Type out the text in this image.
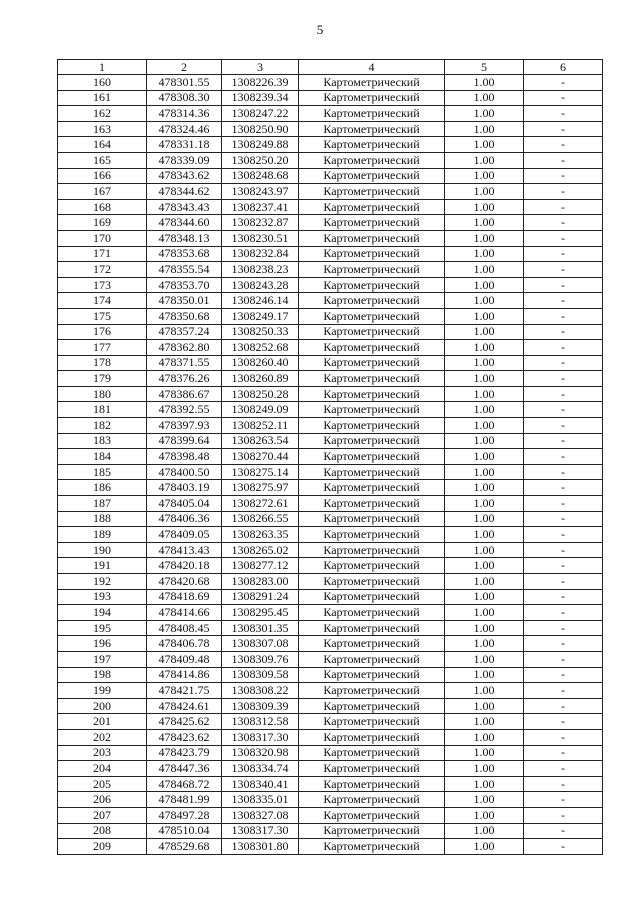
5
1	2	3	4	5	6
160	478301.55	1308226.39	Картометрический	1.00	-
161	478308.30	1308239.34	Картометрический	1.00	-
162	478314.36	1308247.22	Картометрический	1.00	-
163	478324.46	1308250.90	Картометрический	1.00	-
164	478331.18	1308249.88	Картометрический	1.00	-
165	478339.09	1308250.20	Картометрический	1.00	-
166	478343.62	1308248.68	Картометрический	1.00	-
167	478344.62	1308243.97	Картометрический	1.00	-
168	478343.43	1308237.41	Картометрический	1.00	-
169	478344.60	1308232.87	Картометрический	1.00	-
170	478348.13	1308230.51	Картометрический	1.00	-
171	478353.68	1308232.84	Картометрический	1.00	-
172	478355.54	1308238.23	Картометрический	1.00	-
173	478353.70	1308243.28	Картометрический	1.00	-
174	478350.01	1308246.14	Картометрический	1.00	-
175	478350.68	1308249.17	Картометрический	1.00	-
176	478357.24	1308250.33	Картометрический	1.00	-
177	478362.80	1308252.68	Картометрический	1.00	-
178	478371.55	1308260.40	Картометрический	1.00	-
179	478376.26	1308260.89	Картометрический	1.00	-
180	478386.67	1308250.28	Картометрический	1.00	-
181	478392.55	1308249.09	Картометрический	1.00	-
182	478397.93	1308252.11	Картометрический	1.00	-
183	478399.64	1308263.54	Картометрический	1.00	-
184	478398.48	1308270.44	Картометрический	1.00	-
185	478400.50	1308275.14	Картометрический	1.00	-
186	478403.19	1308275.97	Картометрический	1.00	-
187	478405.04	1308272.61	Картометрический	1.00	-
188	478406.36	1308266.55	Картометрический	1.00	-
189	478409.05	1308263.35	Картометрический	1.00	-
190	478413.43	1308265.02	Картометрический	1.00	-
191	478420.18	1308277.12	Картометрический	1.00	-
192	478420.68	1308283.00	Картометрический	1.00	-
193	478418.69	1308291.24	Картометрический	1.00	-
194	478414.66	1308295.45	Картометрический	1.00	-
195	478408.45	1308301.35	Картометрический	1.00	-
196	478406.78	1308307.08	Картометрический	1.00	-
197	478409.48	1308309.76	Картометрический	1.00	-
198	478414.86	1308309.58	Картометрический	1.00	-
199	478421.75	1308308.22	Картометрический	1.00	-
200	478424.61	1308309.39	Картометрический	1.00	-
201	478425.62	1308312.58	Картометрический	1.00	-
202	478423.62	1308317.30	Картометрический	1.00	-
203	478423.79	1308320.98	Картометрический	1.00	-
204	478447.36	1308334.74	Картометрический	1.00	-
205	478468.72	1308340.41	Картометрический	1.00	-
206	478481.99	1308335.01	Картометрический	1.00	-
207	478497.28	1308327.08	Картометрический	1.00	-
208	478510.04	1308317.30	Картометрический	1.00	-
209	478529.68	1308301.80	Картометрический	1.00	-
